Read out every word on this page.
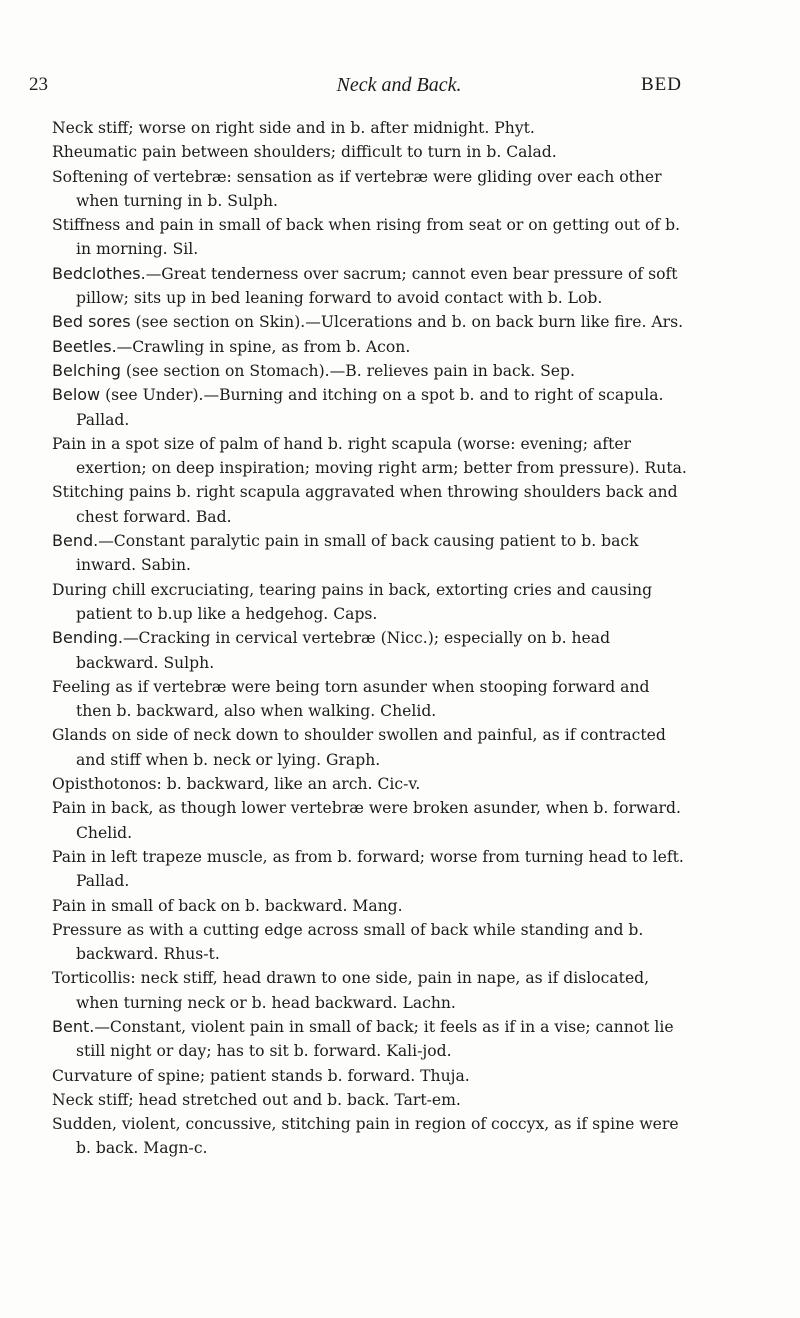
23	Neck and Back.	BED

Neck stiff; worse on right side and in b. after midnight. Phyt.

Rheumatic pain between shoulders; difficult to turn in b. Calad.

Softening of vertebræ: sensation as if vertebræ were gliding over each other when turning in b. Sulph.

Stiffness and pain in small of back when rising from seat or on getting out of b. in morning. Sil.

Bedclothes.—Great tenderness over sacrum; cannot even bear pressure of soft pillow; sits up in bed leaning forward to avoid contact with b. Lob.

Bed sores (see section on Skin).—Ulcerations and b. on back burn like fire. Ars.

Beetles.—Crawling in spine, as from b. Acon.

Belching (see section on Stomach).—B. relieves pain in back. Sep.

Below (see Under).—Burning and itching on a spot b. and to right of scapula. Pallad.

Pain in a spot size of palm of hand b. right scapula (worse: evening; after exertion; on deep inspiration; moving right arm; better from pressure). Ruta.

Stitching pains b. right scapula aggravated when throwing shoulders back and chest forward. Bad.

Bend.—Constant paralytic pain in small of back causing patient to b. back inward. Sabin.

During chill excruciating, tearing pains in back, extorting cries and causing patient to b.up like a hedgehog. Caps.

Bending.—Cracking in cervical vertebræ (Nicc.); especially on b. head backward. Sulph.

Feeling as if vertebræ were being torn asunder when stooping forward and then b. backward, also when walking. Chelid.

Glands on side of neck down to shoulder swollen and painful, as if contracted and stiff when b. neck or lying. Graph.

Opisthotonos: b. backward, like an arch. Cic-v.

Pain in back, as though lower vertebræ were broken asunder, when b. forward. Chelid.

Pain in left trapeze muscle, as from b. forward; worse from turning head to left. Pallad.

Pain in small of back on b. backward. Mang.

Pressure as with a cutting edge across small of back while standing and b. backward. Rhus-t.

Torticollis: neck stiff, head drawn to one side, pain in nape, as if dislocated, when turning neck or b. head backward. Lachn.

Bent.—Constant, violent pain in small of back; it feels as if in a vise; cannot lie still night or day; has to sit b. forward. Kali-jod.

Curvature of spine; patient stands b. forward. Thuja.

Neck stiff; head stretched out and b. back. Tart-em.

Sudden, violent, concussive, stitching pain in region of coccyx, as if spine were b. back. Magn-c.
